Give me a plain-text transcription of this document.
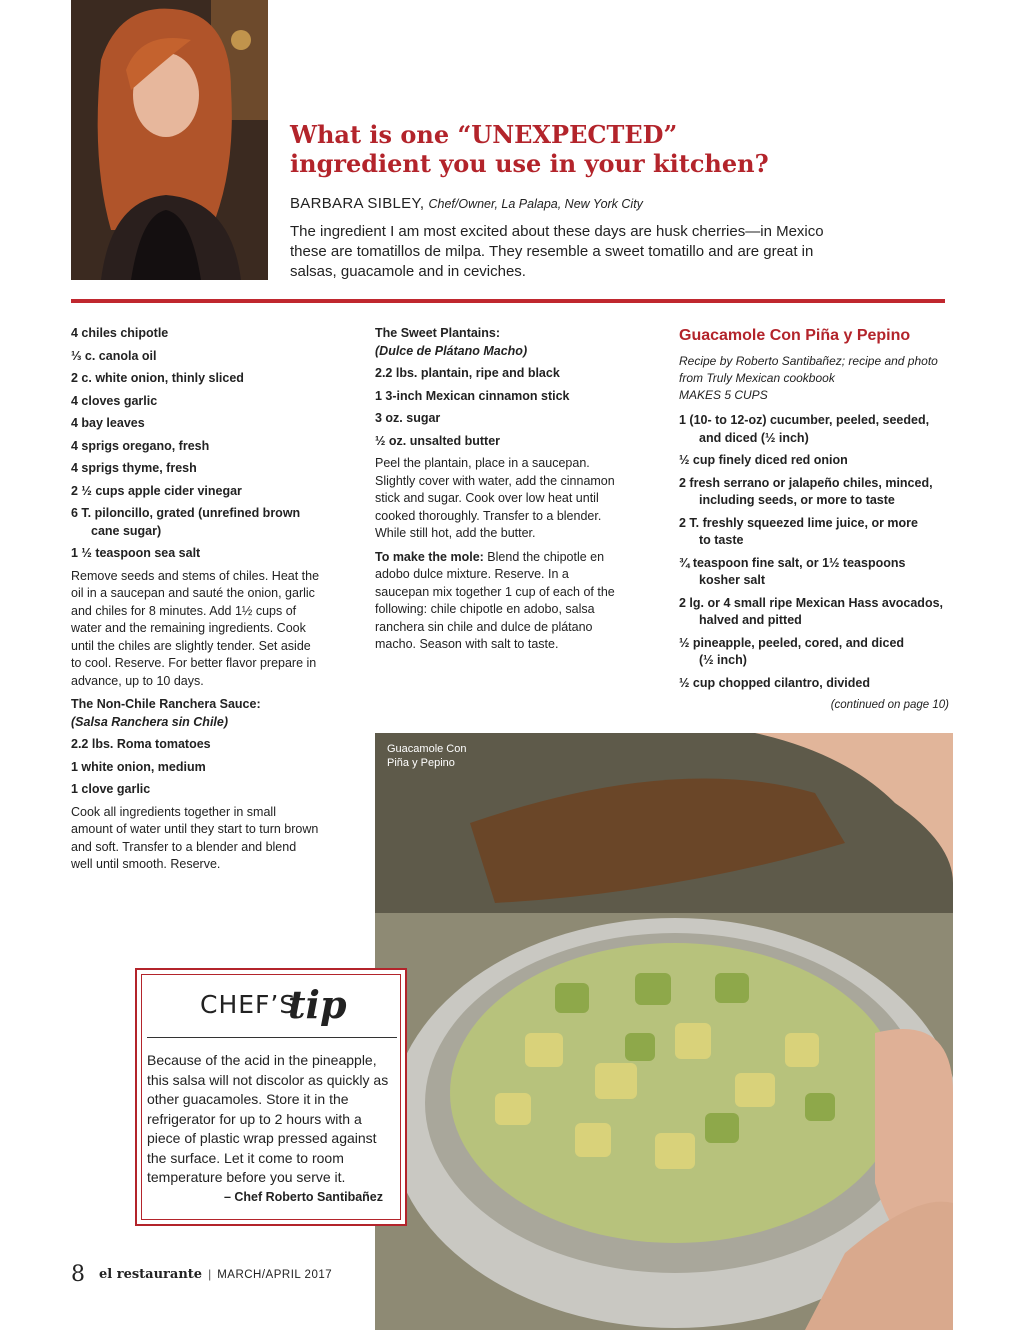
What is one “UNEXPECTED”
ingredient you use in your kitchen?
BARBARA SIBLEY, Chef/Owner, La Palapa, New York City
The ingredient I am most excited about these days are husk cherries—in Mexico these are tomatillos de milpa. They resemble a sweet tomatillo and are great in salsas, guacamole and in ceviches.
4 chiles chipotle
⅓ c. canola oil
2 c. white onion, thinly sliced
4 cloves garlic
4 bay leaves
4 sprigs oregano, fresh
4 sprigs thyme, fresh
2 ½ cups apple cider vinegar
6 T. piloncillo, grated (unrefined brown
cane sugar)
1 ½ teaspoon sea salt
Remove seeds and stems of chiles. Heat the oil in a saucepan and sauté the onion, garlic and chiles for 8 minutes. Add 1½ cups of water and the remaining ingredients. Cook until the chiles are slightly tender. Set aside to cool. Reserve. For better flavor prepare in advance, up to 10 days.
The Non-Chile Ranchera Sauce:
(Salsa Ranchera sin Chile)
2.2 lbs. Roma tomatoes
1 white onion, medium
1 clove garlic
Cook all ingredients together in small amount of water until they start to turn brown and soft. Transfer to a blender and blend well until smooth. Reserve.
The Sweet Plantains:
(Dulce de Plátano Macho)
2.2 lbs. plantain, ripe and black
1 3-inch Mexican cinnamon stick
3 oz. sugar
½ oz. unsalted butter
Peel the plantain, place in a saucepan. Slightly cover with water, add the cinnamon stick and sugar. Cook over low heat until cooked thoroughly. Transfer to a blender. While still hot, add the butter.
To make the mole: Blend the chipotle en adobo dulce mixture. Reserve. In a saucepan mix together 1 cup of each of the following: chile chipotle en adobo, salsa ranchera sin chile and dulce de plátano macho. Season with salt to taste.
Guacamole Con Piña y Pepino
Recipe by Roberto Santibañez; recipe and photo
from Truly Mexican cookbook
MAKES 5 CUPS
1 (10- to 12-oz) cucumber, peeled, seeded,
and diced (½ inch)
½ cup finely diced red onion
2 fresh serrano or jalapeño chiles, minced,
including seeds, or more to taste
2 T. freshly squeezed lime juice, or more
to taste
¾ teaspoon fine salt, or 1½ teaspoons
kosher salt
2 lg. or 4 small ripe Mexican Hass avocados,
halved and pitted
½ pineapple, peeled, cored, and diced
(½ inch)
½ cup chopped cilantro, divided
(continued on page 10)
Guacamole Con
Piña y Pepino
CHEF’S
tip
Because of the acid in the pineapple, this salsa will not discolor as quickly as other guacamoles. Store it in the refrigerator for up to 2 hours with a piece of plastic wrap pressed against the surface. Let it come to room temperature before you serve it.
– Chef Roberto Santibañez
8 el restaurante | MARCH/APRIL 2017
